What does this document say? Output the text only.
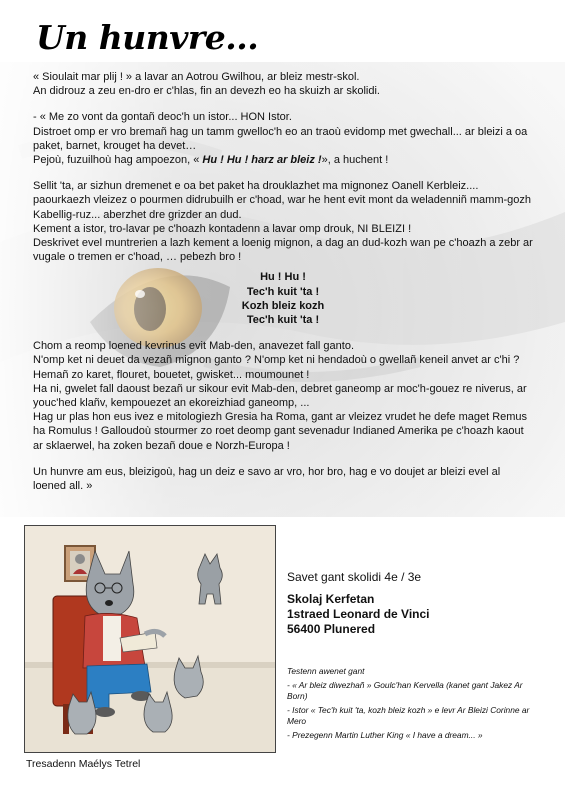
Un hunvre...

« Sioulait mar plij ! » a lavar an Aotrou Gwilhou, ar bleiz mestr-skol.

An didrouz a zeu en-dro er c'hlas, fin an devezh eo ha skuizh ar skolidi.

- « Me zo vont da gontañ deoc'h un istor... HON Istor.

Distroet omp er vro bremañ hag un tamm gwelloc'h eo an traoù evidomp met gwechall... ar bleizi a oa paket, barnet, krouget ha devet…

Pejoù, fuzuilhoù hag ampoezon, « Hu ! Hu ! harz ar bleiz !», a huchent !

Sellit 'ta, ar sizhun dremenet e oa bet paket ha drouklazhet ma mignonez Oanell Kerbleiz.... paourkaezh vleizez o pourmen didrubuilh er c'hoad, war he hent evit mont da weladenniñ mamm-gozh Kabellig-ruz... aberzhet dre grizder an dud.

Kement a istor, tro-lavar pe c'hoazh kontadenn a lavar omp drouk, NI BLEIZI !

Deskrivet evel muntrerien a lazh kement a loenig mignon, a dag an dud-kozh wan pe c'hoazh a zebr ar vugale o tremen er c'hoad, … pebezh bro !

Hu ! Hu !
Tec'h kuit 'ta !
Kozh bleiz kozh
Tec'h kuit 'ta !

Chom a reomp loened kevrinus evit Mab-den, anavezet fall ganto.

N'omp ket ni deuet da vezañ mignon ganto ? N'omp ket ni hendadoù o gwellañ keneil anvet ar c'hi ? Hemañ zo karet, flouret, bouetet, gwisket... moumounet !

Ha ni, gwelet fall daoust bezañ ur sikour evit Mab-den, debret ganeomp ar moc'h-gouez re niverus, ar youc'hed klañv, kempouezet an ekoreizhiad ganeomp, ...

Hag ur plas hon eus ivez e mitologiezh Gresia ha Roma, gant ar vleizez vrudet he defe maget Remus ha Romulus ! Galloudoù stourmer zo roet deomp gant sevenadur Indianed Amerika pe c'hoazh kaout ar sklaerwel, ha zoken bezañ doue e Norzh-Europa !

Un hunvre am eus, bleizigoù, hag un deiz e savo ar vro, hor bro, hag e vo doujet ar bleizi evel al loened all. »

Tresadenn Maélys Tetrel

Savet gant skolidi 4e / 3e

Skolaj Kerfetan

1straed Leonard de Vinci

56400 Plunered

Testenn awenet gant

- « Ar bleiz diwezhañ » Goulc'han Kervella (kanet gant Jakez Ar Born)

- Istor « Tec'h kuit 'ta, kozh bleiz kozh » e levr Ar Bleizi Corinne ar Mero

- Prezegenn Martin Luther King « I have a dream... »
